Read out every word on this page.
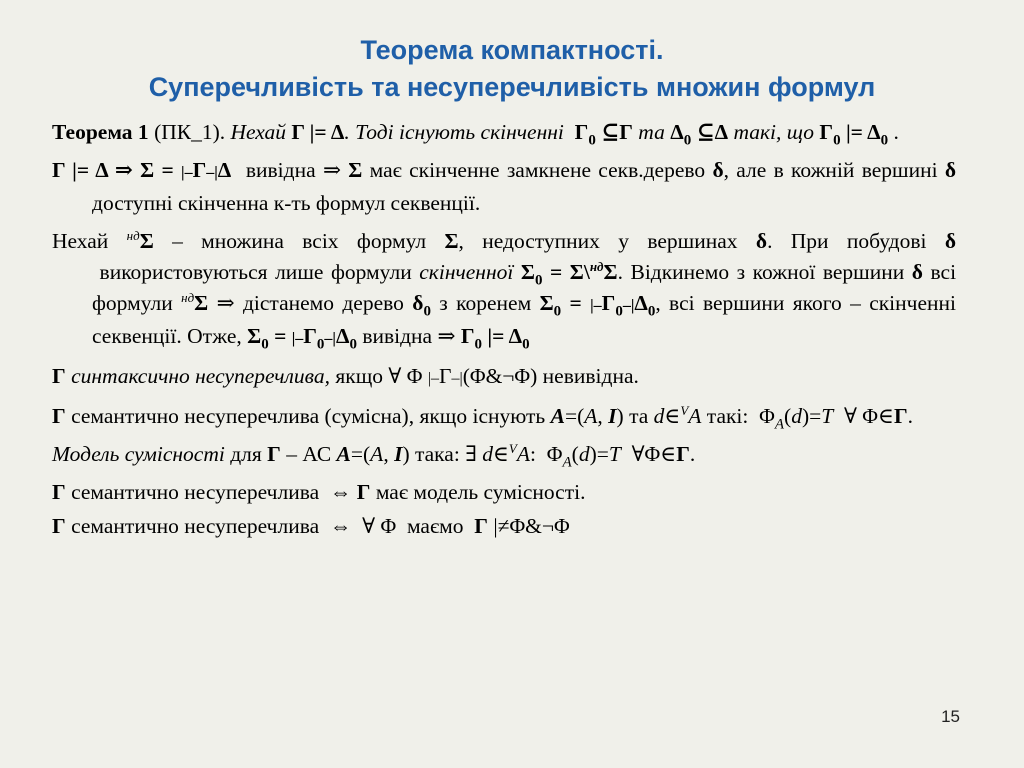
Теорема компактності.
Суперечливість та несуперечливість множин формул
Теорема 1 (ПК_1). Нехай Γ |= Δ. Тоді існують скінченні $\Gamma_0$ ⊆Γ та $\Delta_0$ ⊆Δ такі, що $\Gamma_0$ |= $\Delta_0$ .
Γ |= Δ ⇒ Σ = |–Γ–|Δ вивідна ⇒ Σ має скінченне замкнене секв.дерево δ, але в кожній вершині δ доступні скінченна к-ть формул секвенції.
Нехай $^{нд}$Σ – множина всіх формул Σ, недоступних у вершинах δ. При побудові δ  використовуються лише формули скінченної $\Sigma_0$ = Σ\$^{нд}$Σ. Відкинемо з кожної вершини δ всі формули $^{нд}$Σ ⇒ дістанемо дерево $\delta_0$ з коренем $\Sigma_0 = |-\Gamma_0-|\Delta_0$, всі вершини якого – скінченні секвенції. Отже, $\Sigma_0 = |-\Gamma_0-|\Delta_0$ вивідна ⇒ $\Gamma_0$ |= $\Delta_0$
Γ синтаксично несуперечлива, якщо ∀ Φ |–Γ–|(Φ&¬Φ) невивідна.
Γ семантично несуперечлива (сумісна), якщо існують A=(A, I) та d∈$^V$A такі: $\Phi_A(d)=T$  ∀ Φ∈Γ.
Модель сумісності для Γ – АС A=(A, I) така: ∃ d∈$^V$A:  $\Phi_A(d)=T$  ∀Φ∈Γ.
Γ семантично несуперечлива ⇔ Γ має модель сумісності.
Γ семантично несуперечлива ⇔  ∀ Φ маємо Γ |≠Φ&¬Φ
15
